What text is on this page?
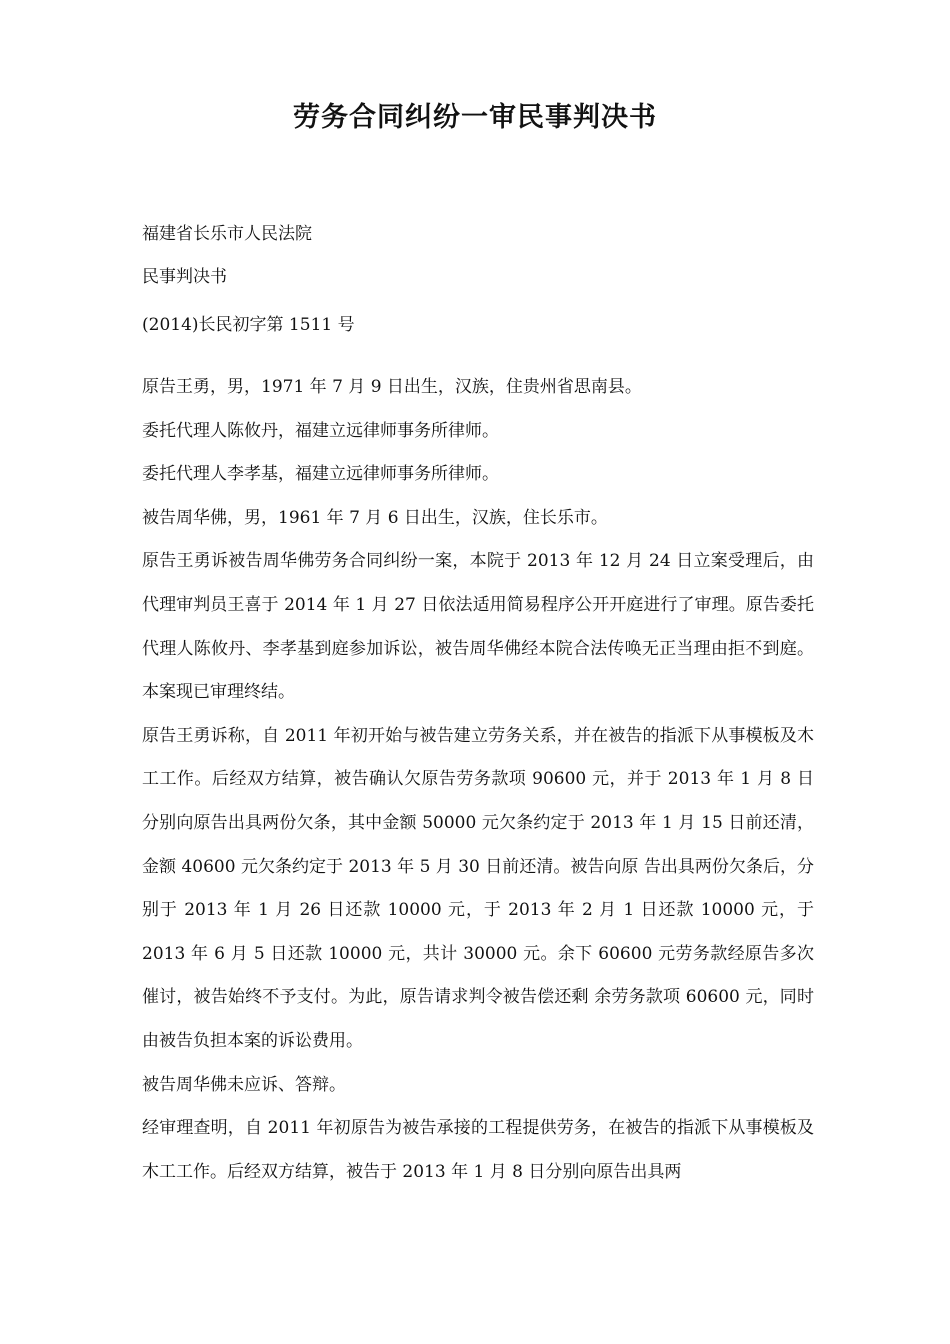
劳务合同纠纷一审民事判决书
福建省长乐市人民法院
民事判决书
(2014)长民初字第 1511 号

原告王勇，男，1971 年 7 月 9 日出生，汉族，住贵州省思南县。

委托代理人陈攸丹，福建立远律师事务所律师。

委托代理人李孝基，福建立远律师事务所律师。

被告周华佛，男，1961 年 7 月 6 日出生，汉族，住长乐市。

原告王勇诉被告周华佛劳务合同纠纷一案，本院于 2013 年 12 月 24 日立案受理后，由代理审判员王喜于 2014 年 1 月 27 日依法适用简易程序公开开庭进行了审理。原告委托代理人陈攸丹、李孝基到庭参加诉讼，被告周华佛经本院合法传唤无正当理由拒不到庭。本案现已审理终结。

原告王勇诉称，自 2011 年初开始与被告建立劳务关系，并在被告的指派下从事模板及木工工作。后经双方结算，被告确认欠原告劳务款项 90600 元，并于 2013 年 1 月 8 日分别向原告出具两份欠条，其中金额 50000 元欠条约定于 2013 年 1 月 15 日前还清，金额 40600 元欠条约定于 2013 年 5 月 30 日前还清。被告向原 告出具两份欠条后，分别于 2013 年 1 月 26 日还款 10000 元，于 2013 年 2 月 1 日还款 10000 元，于 2013 年 6 月 5 日还款 10000 元，共计 30000 元。余下 60600 元劳务款经原告多次催讨，被告始终不予支付。为此，原告请求判令被告偿还剩 余劳务款项 60600 元，同时由被告负担本案的诉讼费用。

被告周华佛未应诉、答辩。

经审理查明，自 2011 年初原告为被告承接的工程提供劳务，在被告的指派下从事模板及木工工作。后经双方结算，被告于 2013 年 1 月 8 日分别向原告出具两
